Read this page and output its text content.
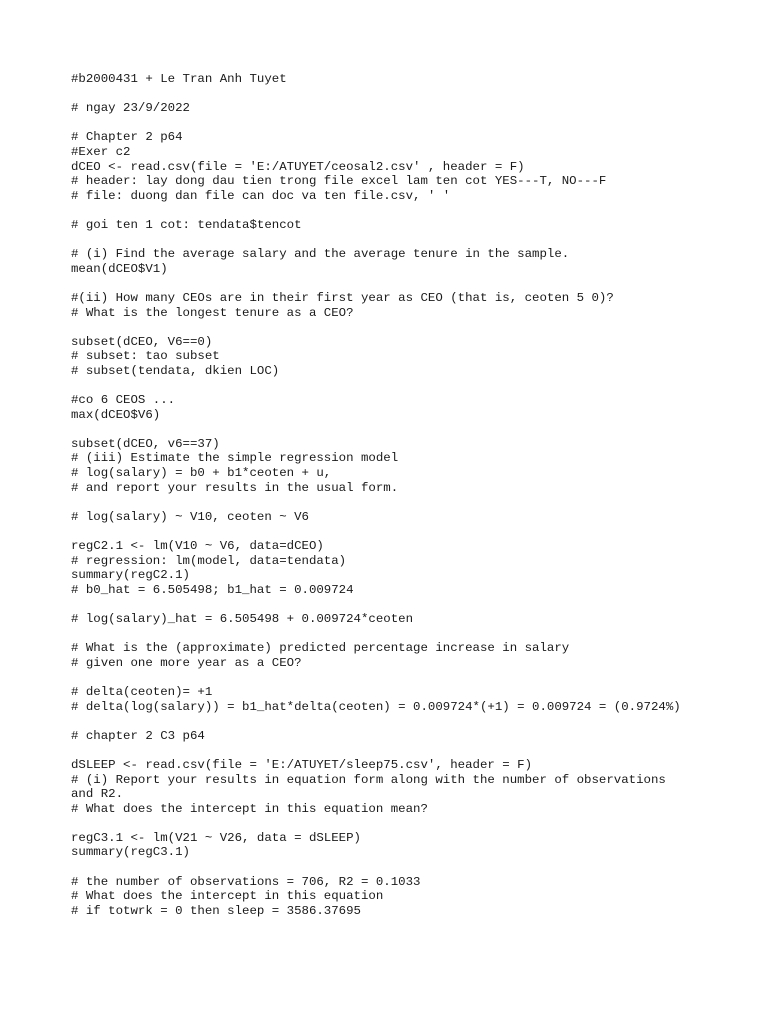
#b2000431 + Le Tran Anh Tuyet
# ngay 23/9/2022
# Chapter 2 p64
#Exer c2
dCEO <- read.csv(file = 'E:/ATUYET/ceosal2.csv' , header = F)
# header: lay dong dau tien trong file excel lam ten cot YES---T, NO---F
# file: duong dan file can doc va ten file.csv, ' '
# goi ten 1 cot: tendata$tencot
# (i) Find the average salary and the average tenure in the sample.
mean(dCEO$V1)
#(ii) How many CEOs are in their first year as CEO (that is, ceoten 5 0)?
# What is the longest tenure as a CEO?
subset(dCEO, V6==0)
# subset: tao subset
# subset(tendata, dkien LOC)
#co 6 CEOS ...
max(dCEO$V6)
subset(dCEO, v6==37)
# (iii) Estimate the simple regression model
# log(salary) = b0 + b1*ceoten + u,
# and report your results in the usual form.
# log(salary) ~ V10, ceoten ~ V6
regC2.1 <- lm(V10 ~ V6, data=dCEO)
# regression: lm(model, data=tendata)
summary(regC2.1)
# b0_hat = 6.505498; b1_hat = 0.009724
# log(salary)_hat = 6.505498 + 0.009724*ceoten
# What is the (approximate) predicted percentage increase in salary
# given one more year as a CEO?
# delta(ceoten)= +1
# delta(log(salary)) = b1_hat*delta(ceoten) = 0.009724*(+1) = 0.009724 = (0.9724%)
# chapter 2 C3 p64
dSLEEP <- read.csv(file = 'E:/ATUYET/sleep75.csv', header = F)
# (i) Report your results in equation form along with the number of observations
and R2.
# What does the intercept in this equation mean?
regC3.1 <- lm(V21 ~ V26, data = dSLEEP)
summary(regC3.1)
# the number of observations = 706, R2 = 0.1033
# What does the intercept in this equation
# if totwrk = 0 then sleep = 3586.37695
